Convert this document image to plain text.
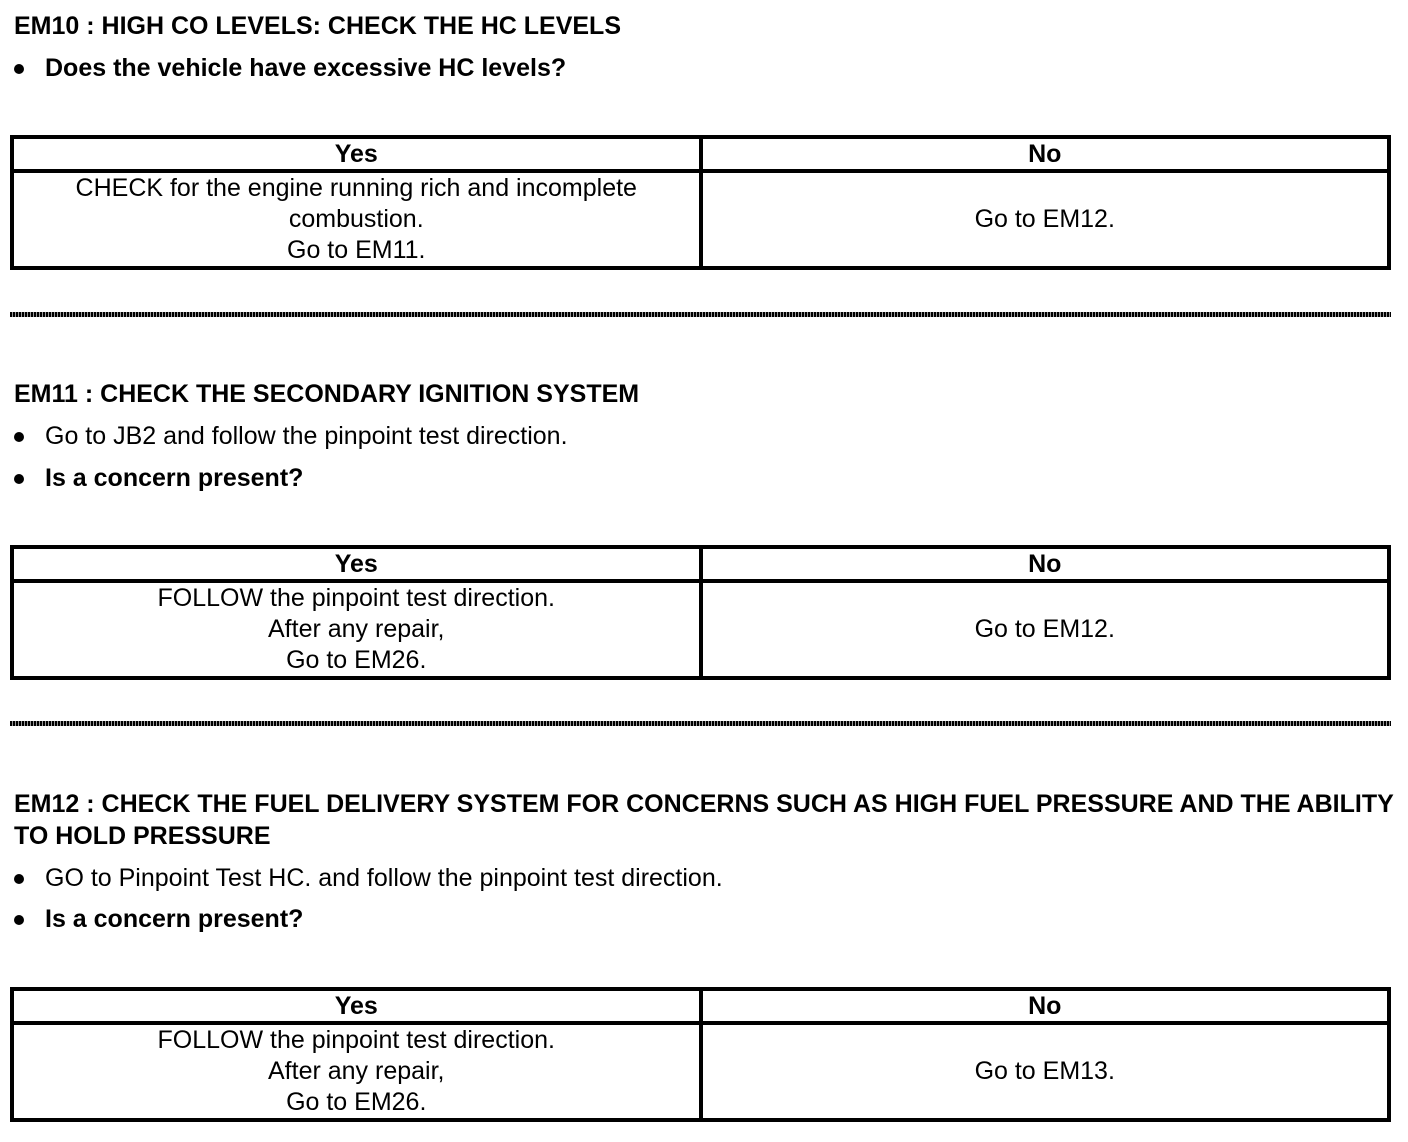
EM10 : HIGH CO LEVELS: CHECK THE HC LEVELS
Does the vehicle have excessive HC levels?
Yes	No

CHECK for the engine running rich and incomplete
combustion.
Go to EM11.	Go to EM12.
EM11 : CHECK THE SECONDARY IGNITION SYSTEM
Go to JB2 and follow the pinpoint test direction.
Is a concern present?
Yes	No

FOLLOW the pinpoint test direction.
After any repair,
Go to EM26.	Go to EM12.
EM12 : CHECK THE FUEL DELIVERY SYSTEM FOR CONCERNS SUCH AS HIGH FUEL PRESSURE AND THE ABILITY TO HOLD PRESSURE
GO to Pinpoint Test HC. and follow the pinpoint test direction.
Is a concern present?
Yes	No

FOLLOW the pinpoint test direction.
After any repair,
Go to EM26.	Go to EM13.
